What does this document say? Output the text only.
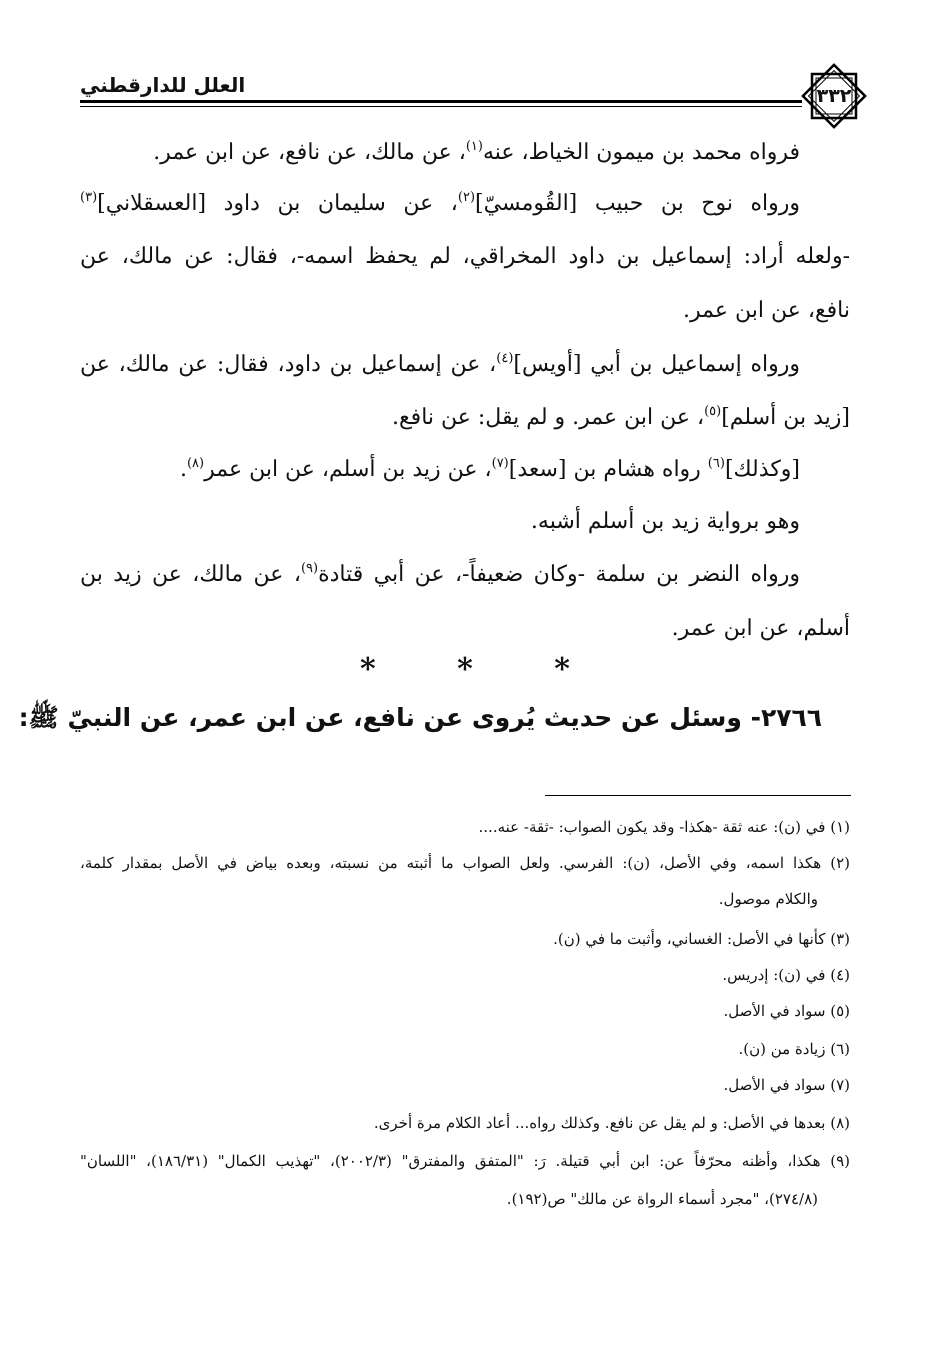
٣٣٢
العلل للدارقطني
فرواه محمد بن ميمون الخياط، عنه$^{(١)}$، عن مالك، عن نافع، عن ابن عمر.
ورواه نوح بن حبيب [القُومسيّ]$^{(٢)}$، عن سليمان بن داود [العسقلاني]$^{(٣)}$
-ولعله أراد: إسماعيل بن داود المخراقي، لم يحفظ اسمه-، فقال: عن مالك، عن
نافع، عن ابن عمر.
ورواه إسماعيل بن أبي [أويس]$^{(٤)}$، عن إسماعيل بن داود، فقال: عن مالك، عن
[زيد بن أسلم]$^{(٥)}$، عن ابن عمر. و لم يقل: عن نافع.
[وكذلك]$^{(٦)}$ رواه هشام بن [سعد]$^{(٧)}$، عن زيد بن أسلم، عن ابن عمر$^{(٨)}$.
وهو برواية زيد بن أسلم أشبه.
ورواه النضر بن سلمة -وكان ضعيفاً-، عن أبي قتادة$^{(٩)}$، عن مالك، عن زيد بن
أسلم، عن ابن عمر.
*	*	*
٢٧٦٦- وسئل عن حديث يُروى عن نافع، عن ابن عمر، عن النبيّ ﷺ:
(١) في (ن): عنه ثقة -هكذا- وقد يكون الصواب: -ثقة- عنه....
(٢) هكذا اسمه، وفي الأصل، (ن): الفرسي. ولعل الصواب ما أثبته من نسبته، وبعده بياض في الأصل بمقدار كلمة،
والكلام موصول.
(٣) كأنها في الأصل: الغساني، وأثبت ما في (ن).
(٤) في (ن): إدريس.
(٥) سواد في الأصل.
(٦) زيادة من (ن).
(٧) سواد في الأصل.
(٨) بعدها في الأصل: و لم يقل عن نافع. وكذلك رواه... أعاد الكلام مرة أخرى.
(٩) هكذا، وأظنه محرّفاً عن: ابن أبي قتيلة. رَ: "المتفق والمفترق" (٢٠٠٢/٣)، "تهذيب الكمال" (١٨٦/٣١)، "اللسان"
(٢٧٤/٨)، "مجرد أسماء الرواة عن مالك" ص(١٩٢).
